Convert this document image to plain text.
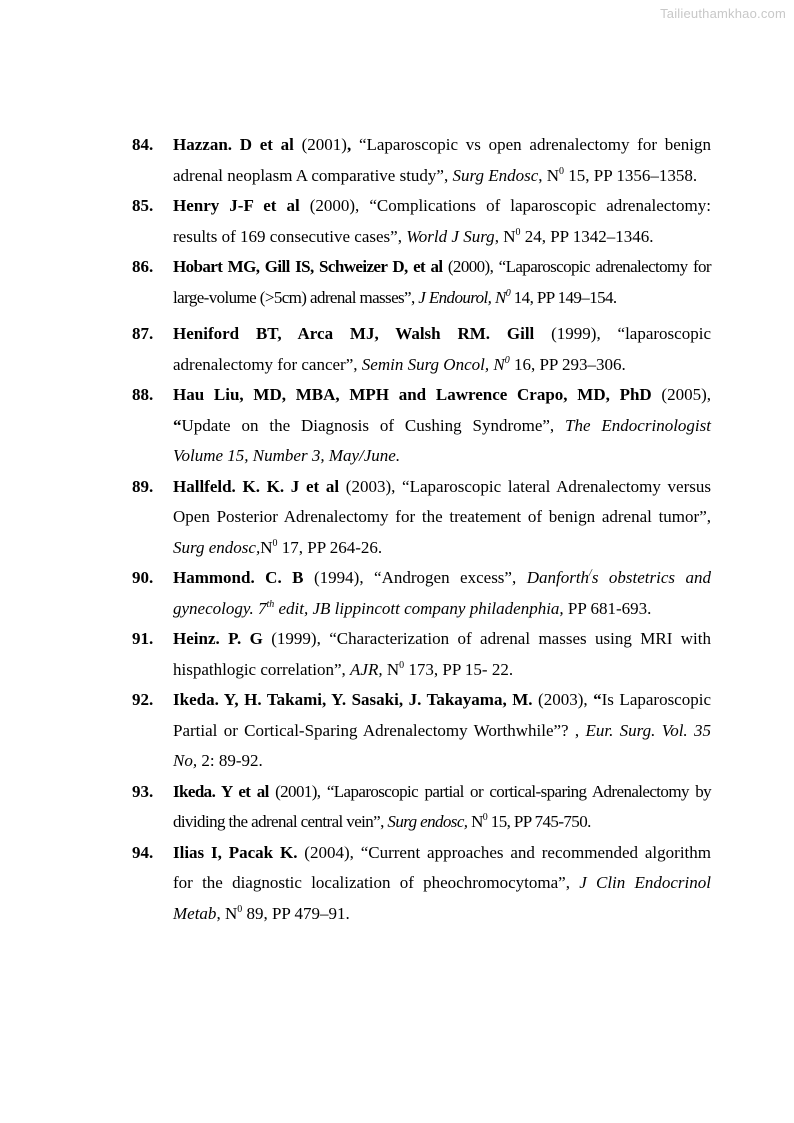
Tailieuthamkhao.com
84. Hazzan. D et al (2001), “Laparoscopic vs open adrenalectomy for benign adrenal neoplasm A comparative study”, Surg Endosc, $N^0$ 15, PP 1356–1358.
85. Henry J-F et al (2000), “Complications of laparoscopic adrenalectomy: results of 169 consecutive cases”, World J Surg, $N^0$ 24, PP 1342–1346.
86. Hobart MG, Gill IS, Schweizer D, et al (2000), “Laparoscopic adrenalectomy for large-volume (>5cm) adrenal masses”, J Endourol, $N^0$ 14, PP 149–154.
87. Heniford BT, Arca MJ, Walsh RM. Gill (1999), “laparoscopic adrenalectomy for cancer”, Semin Surg Oncol, $N^0$ 16, PP 293–306.
88. Hau Liu, MD, MBA, MPH and Lawrence Crapo, MD, PhD (2005), “Update on the Diagnosis of Cushing Syndrome”, The Endocrinologist Volume 15, Number 3, May/June.
89. Hallfeld. K. K. J et al (2003), “Laparoscopic lateral Adrenalectomy versus Open Posterior Adrenalectomy for the treatement of benign adrenal tumor”, Surg $endosc,N^0$ 17, PP 264-26.
90. Hammond. C. B (1994), “Androgen excess”, Danforth/s obstetrics and gynecology. 7th edit, JB lippincott company philadenphia, PP 681-693.
91. Heinz. P. G (1999), “Characterization of adrenal masses using MRI with hispathlogic correlation”, AJR, $N^0$ 173, PP 15- 22.
92. Ikeda. Y, H. Takami, Y. Sasaki, J. Takayama, M. (2003), “Is Laparoscopic Partial or Cortical-Sparing Adrenalectomy Worthwhile”? , Eur. Surg. Vol. 35 No, 2: 89-92.
93. Ikeda. Y et al (2001), “Laparoscopic partial or cortical-sparing Adrenalectomy by dividing the adrenal central vein”, Surg endosc, $N^0$ 15, PP 745-750.
94. Ilias I, Pacak K. (2004), “Current approaches and recommended algorithm for the diagnostic localization of pheochromocytoma”, J Clin Endocrinol Metab, $N^0$ 89, PP 479–91.
